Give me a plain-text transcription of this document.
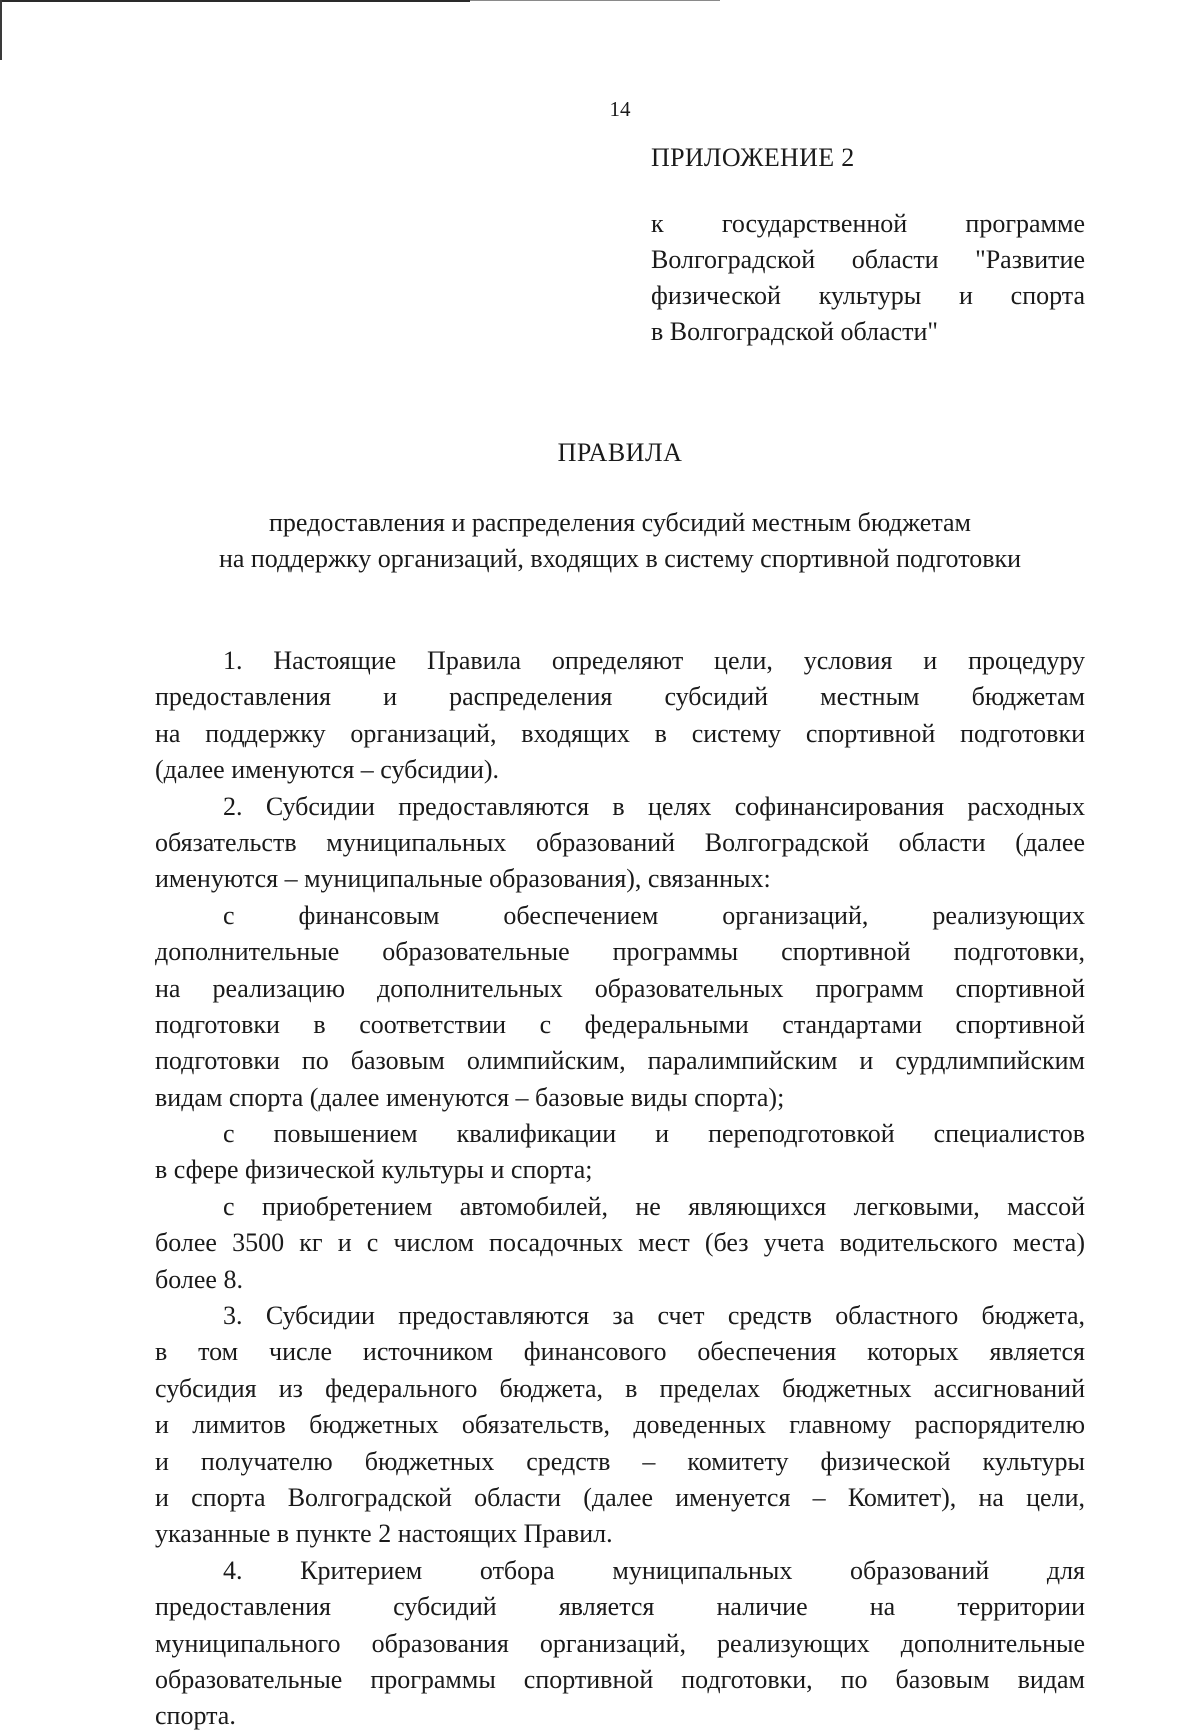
14
ПРИЛОЖЕНИЕ 2
к государственной программе
Волгоградской области "Развитие
физической культуры и спорта
в Волгоградской области"
ПРАВИЛА
предоставления и распределения субсидий местным бюджетам
на поддержку организаций, входящих в систему спортивной подготовки
1. Настоящие Правила определяют цели, условия и процедуру
предоставления и распределения субсидий местным бюджетам
на поддержку организаций, входящих в систему спортивной подготовки
(далее именуются – субсидии).
2. Субсидии предоставляются в целях софинансирования расходных
обязательств муниципальных образований Волгоградской области (далее
именуются – муниципальные образования), связанных:
с финансовым обеспечением организаций, реализующих
дополнительные образовательные программы спортивной подготовки,
на реализацию дополнительных образовательных программ спортивной
подготовки в соответствии с федеральными стандартами спортивной
подготовки по базовым олимпийским, паралимпийским и сурдлимпийским
видам спорта (далее именуются – базовые виды спорта);
с повышением квалификации и переподготовкой специалистов
в сфере физической культуры и спорта;
с приобретением автомобилей, не являющихся легковыми, массой
более 3500 кг и с числом посадочных мест (без учета водительского места)
более 8.
3. Субсидии предоставляются за счет средств областного бюджета,
в том числе источником финансового обеспечения которых является
субсидия из федерального бюджета, в пределах бюджетных ассигнований
и лимитов бюджетных обязательств, доведенных главному распорядителю
и получателю бюджетных средств – комитету физической культуры
и спорта Волгоградской области (далее именуется – Комитет), на цели,
указанные в пункте 2 настоящих Правил.
4. Критерием отбора муниципальных образований для
предоставления субсидий является наличие на территории
муниципального образования организаций, реализующих дополнительные
образовательные программы спортивной подготовки, по базовым видам
спорта.
